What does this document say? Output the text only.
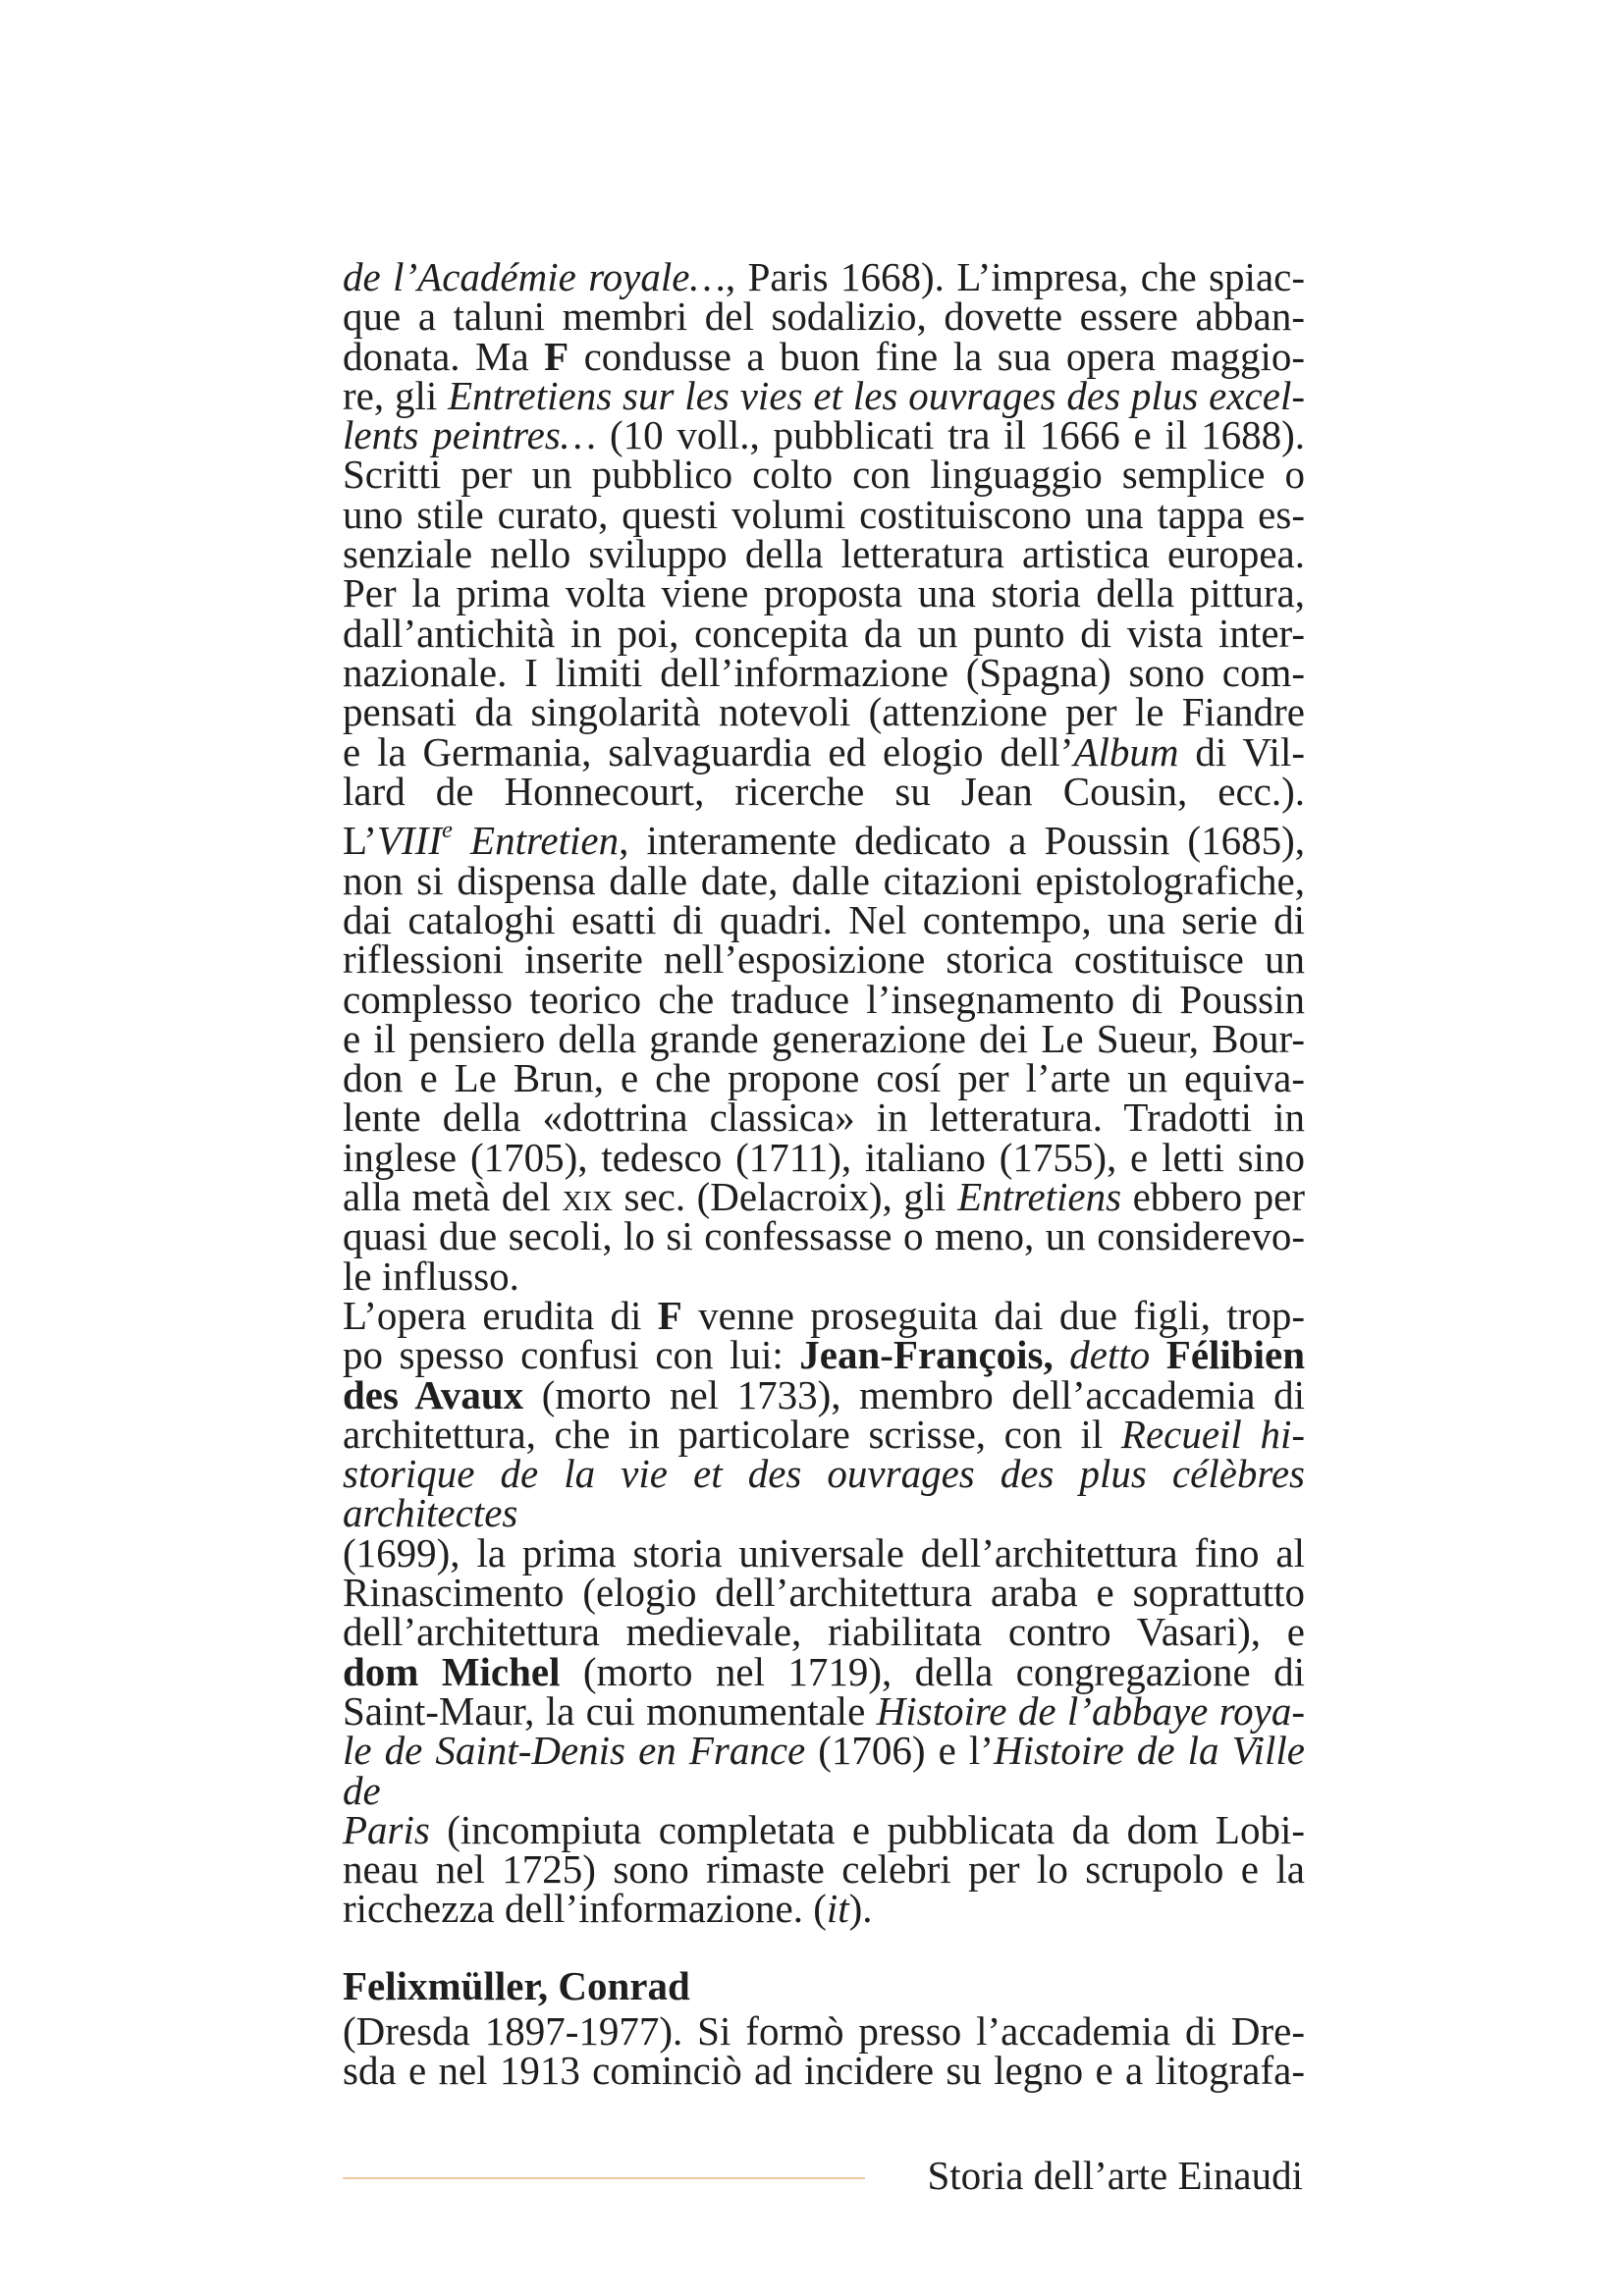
de l’Académie royale…, Paris 1668). L’impresa, che spiac-
que a taluni membri del sodalizio, dovette essere abban-
donata. Ma F condusse a buon fine la sua opera maggio-
re, gli Entretiens sur les vies et les ouvrages des plus excel-
lents peintres… (10 voll., pubblicati tra il 1666 e il 1688).
Scritti per un pubblico colto con linguaggio semplice o
uno stile curato, questi volumi costituiscono una tappa es-
senziale nello sviluppo della letteratura artistica europea.
Per la prima volta viene proposta una storia della pittura,
dall’antichità in poi, concepita da un punto di vista inter-
nazionale. I limiti dell’informazione (Spagna) sono com-
pensati da singolarità notevoli (attenzione per le Fiandre
e la Germania, salvaguardia ed elogio dell’Album di Vil-
lard de Honnecourt, ricerche su Jean Cousin, ecc.).
L’VIIIe Entretien, interamente dedicato a Poussin (1685),
non si dispensa dalle date, dalle citazioni epistolografiche,
dai cataloghi esatti di quadri. Nel contempo, una serie di
riflessioni inserite nell’esposizione storica costituisce un
complesso teorico che traduce l’insegnamento di Poussin
e il pensiero della grande generazione dei Le Sueur, Bour-
don e Le Brun, e che propone cosí per l’arte un equiva-
lente della «dottrina classica» in letteratura. Tradotti in
inglese (1705), tedesco (1711), italiano (1755), e letti sino
alla metà del xix sec. (Delacroix), gli Entretiens ebbero per
quasi due secoli, lo si confessasse o meno, un considerevo-
le influsso.

L’opera erudita di F venne proseguita dai due figli, trop-
po spesso confusi con lui: Jean-François, detto Félibien
des Avaux (morto nel 1733), membro dell’accademia di
architettura, che in particolare scrisse, con il Recueil hi-
storique de la vie et des ouvrages des plus célèbres architectes
(1699), la prima storia universale dell’architettura fino al
Rinascimento (elogio dell’architettura araba e soprattutto
dell’architettura medievale, riabilitata contro Vasari), e
dom Michel (morto nel 1719), della congregazione di
Saint-Maur, la cui monumentale Histoire de l’abbaye roya-
le de Saint-Denis en France (1706) e l’Histoire de la Ville de
Paris (incompiuta completata e pubblicata da dom Lobi-
neau nel 1725) sono rimaste celebri per lo scrupolo e la
ricchezza dell’informazione. (it).

Felixmüller, Conrad

(Dresda 1897-1977). Si formò presso l’accademia di Dre-
sda e nel 1913 cominciò ad incidere su legno e a litografa-

Storia dell’arte Einaudi
